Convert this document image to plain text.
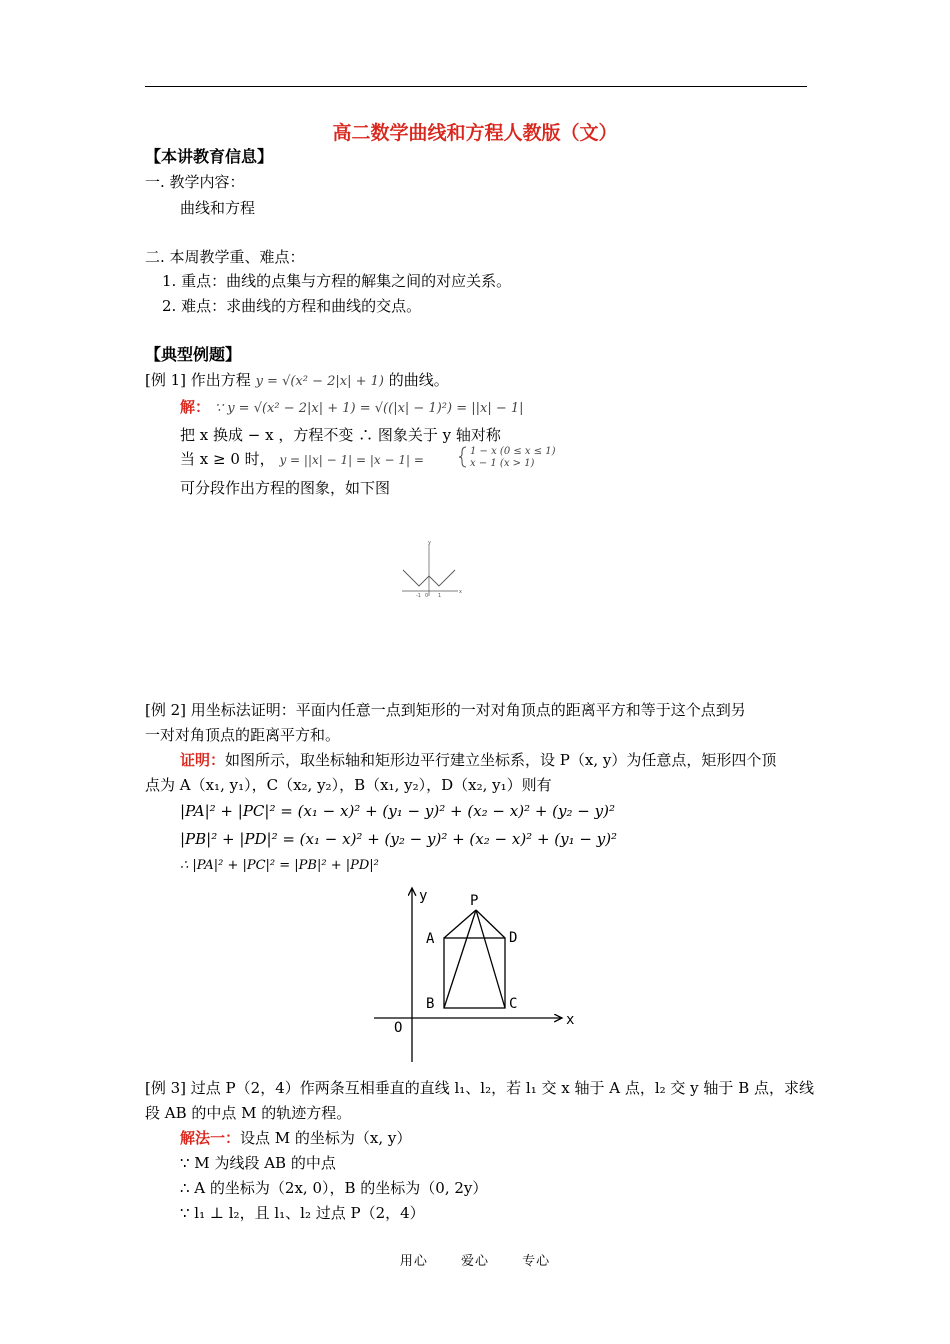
高二数学曲线和方程人教版（文）
【本讲教育信息】
一. 教学内容：
曲线和方程
二. 本周教学重、难点：
1. 重点：曲线的点集与方程的解集之间的对应关系。
2. 难点：求曲线的方程和曲线的交点。
【典型例题】
[例 1] 作出方程 y = √(x² − 2|x| + 1) 的曲线。
解： ∵ y = √(x² − 2|x| + 1) = √((|x| − 1)²) = ||x| − 1|
把 x 换成 − x ，方程不变 ∴ 图象关于 y 轴对称
当 x ≥ 0 时， y = ||x| − 1| = |x − 1| =
1 − x (0 ≤ x ≤ 1)
x − 1 (x > 1)
可分段作出方程的图象，如下图
y
x
-1 0 1
[例 2] 用坐标法证明：平面内任意一点到矩形的一对对角顶点的距离平方和等于这个点到另
一对对角顶点的距离平方和。
证明：如图所示，取坐标轴和矩形边平行建立坐标系，设 P（x, y）为任意点，矩形四个顶
点为 A（x₁, y₁），C（x₂, y₂），B（x₁, y₂），D（x₂, y₁）则有
|PA|² + |PC|² = (x₁ − x)² + (y₁ − y)² + (x₂ − x)² + (y₂ − y)²
|PB|² + |PD|² = (x₁ − x)² + (y₂ − y)² + (x₂ − x)² + (y₁ − y)²
∴ |PA|² + |PC|² = |PB|² + |PD|²
P
A	D
B	C
O	x
y
[例 3] 过点 P（2，4）作两条互相垂直的直线 l₁、l₂，若 l₁ 交 x 轴于 A 点，l₂ 交 y 轴于 B 点，求线
段 AB 的中点 M 的轨迹方程。
解法一：设点 M 的坐标为（x, y）
∵ M 为线段 AB 的中点
∴ A 的坐标为（2x, 0），B 的坐标为（0, 2y）
∵ l₁ ⊥ l₂，且 l₁、l₂ 过点 P（2，4）
用心	爱心	专心
